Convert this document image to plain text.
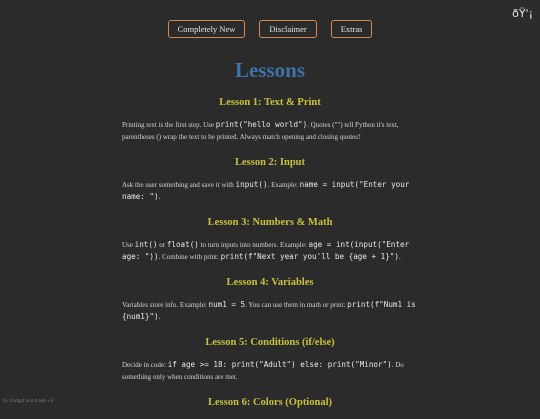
ðŸ'¡
Completely New	Disclaimer	Extras
Lessons
Lesson 1: Text & Print

Printing text is the first step. Use print("hello world"). Quotes ("") tell Python it's text, parentheses () wrap the text to be printed. Always match opening and closing quotes!

Lesson 2: Input

Ask the user something and save it with input(). Example: name = input("Enter your name: ").

Lesson 3: Numbers & Math

Use int() or float() to turn inputs into numbers. Example: age = int(input("Enter age: ")). Combine with print: print(f"Next year you'll be {age + 1}").

Lesson 4: Variables

Variables store info. Example: num1 = 5. You can use them in math or print: print(f"Num1 is {num1}").

Lesson 5: Conditions (if/else)

Decide in code: if age >= 18: print("Adult") else: print("Minor"). Do something only when conditions are met.

Lesson 6: Colors (Optional)
by chatgpt and made <3
